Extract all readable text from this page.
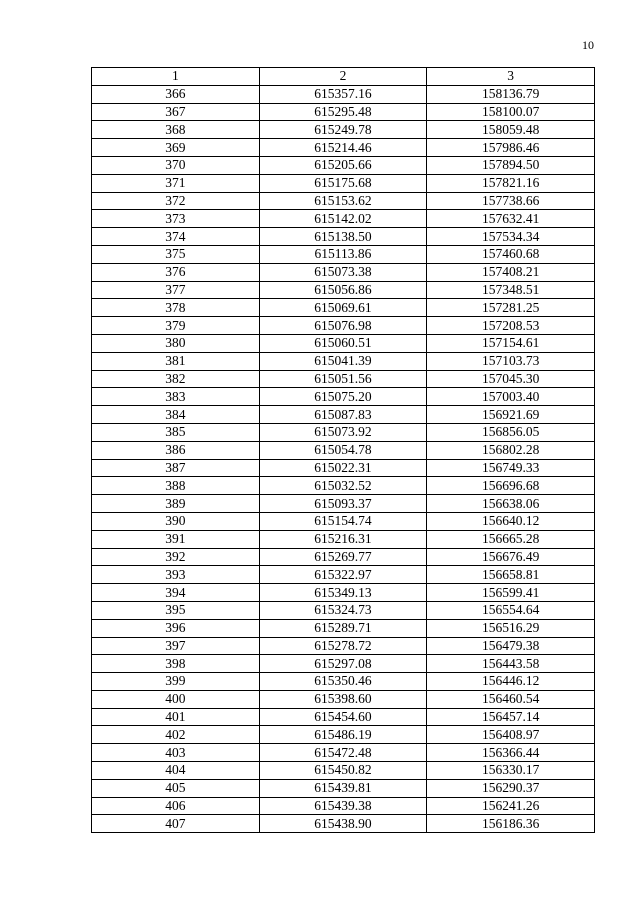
10
1	2	3
366	615357.16	158136.79
367	615295.48	158100.07
368	615249.78	158059.48
369	615214.46	157986.46
370	615205.66	157894.50
371	615175.68	157821.16
372	615153.62	157738.66
373	615142.02	157632.41
374	615138.50	157534.34
375	615113.86	157460.68
376	615073.38	157408.21
377	615056.86	157348.51
378	615069.61	157281.25
379	615076.98	157208.53
380	615060.51	157154.61
381	615041.39	157103.73
382	615051.56	157045.30
383	615075.20	157003.40
384	615087.83	156921.69
385	615073.92	156856.05
386	615054.78	156802.28
387	615022.31	156749.33
388	615032.52	156696.68
389	615093.37	156638.06
390	615154.74	156640.12
391	615216.31	156665.28
392	615269.77	156676.49
393	615322.97	156658.81
394	615349.13	156599.41
395	615324.73	156554.64
396	615289.71	156516.29
397	615278.72	156479.38
398	615297.08	156443.58
399	615350.46	156446.12
400	615398.60	156460.54
401	615454.60	156457.14
402	615486.19	156408.97
403	615472.48	156366.44
404	615450.82	156330.17
405	615439.81	156290.37
406	615439.38	156241.26
407	615438.90	156186.36
